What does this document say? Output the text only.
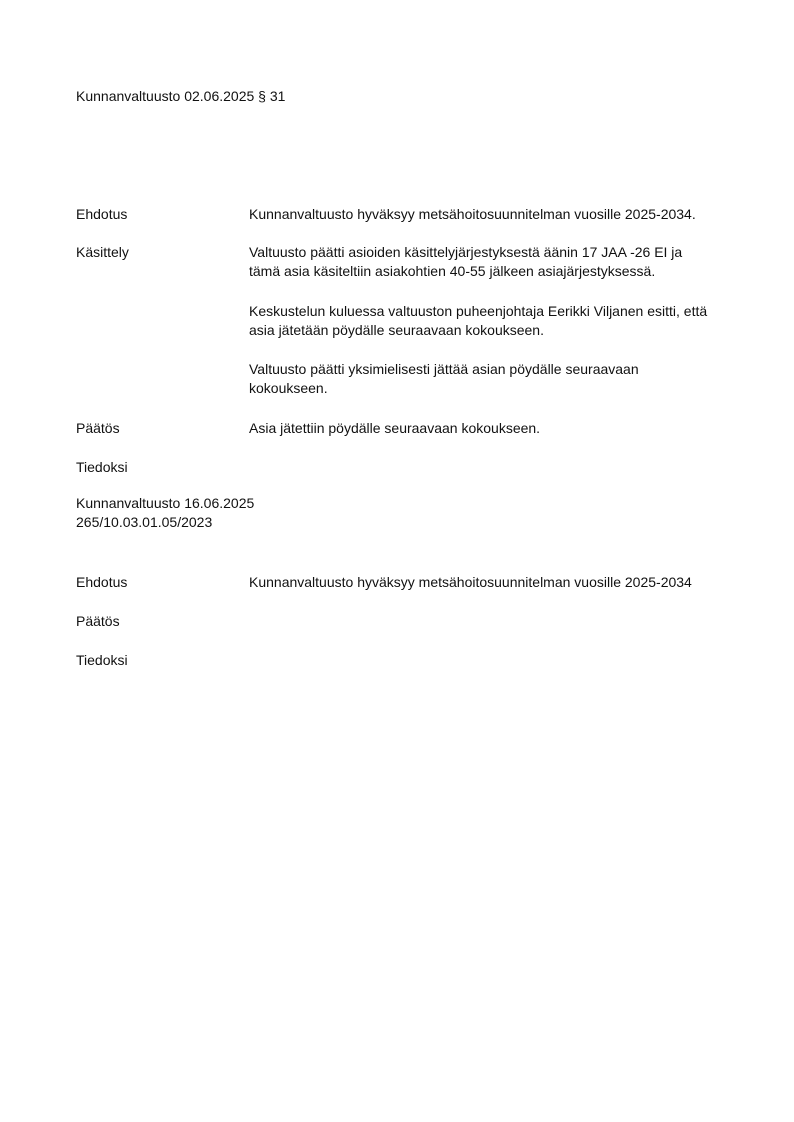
Kunnanvaltuusto 02.06.2025 § 31
Ehdotus	Kunnanvaltuusto hyväksyy metsähoitosuunnitelman vuosille 2025-2034.
Käsittely	Valtuusto päätti asioiden käsittelyjärjestyksestä äänin 17 JAA -26 EI ja
tämä asia käsiteltiin asiakohtien 40-55 jälkeen asiajärjestyksessä.
Keskustelun kuluessa valtuuston puheenjohtaja Eerikki Viljanen esitti, että
asia jätetään pöydälle seuraavaan kokoukseen.
Valtuusto päätti yksimielisesti jättää asian pöydälle seuraavaan
kokoukseen.
Päätös	Asia jätettiin pöydälle seuraavaan kokoukseen.
Tiedoksi
Kunnanvaltuusto 16.06.2025
265/10.03.01.05/2023
Ehdotus	Kunnanvaltuusto hyväksyy metsähoitosuunnitelman vuosille 2025-2034
Päätös
Tiedoksi
